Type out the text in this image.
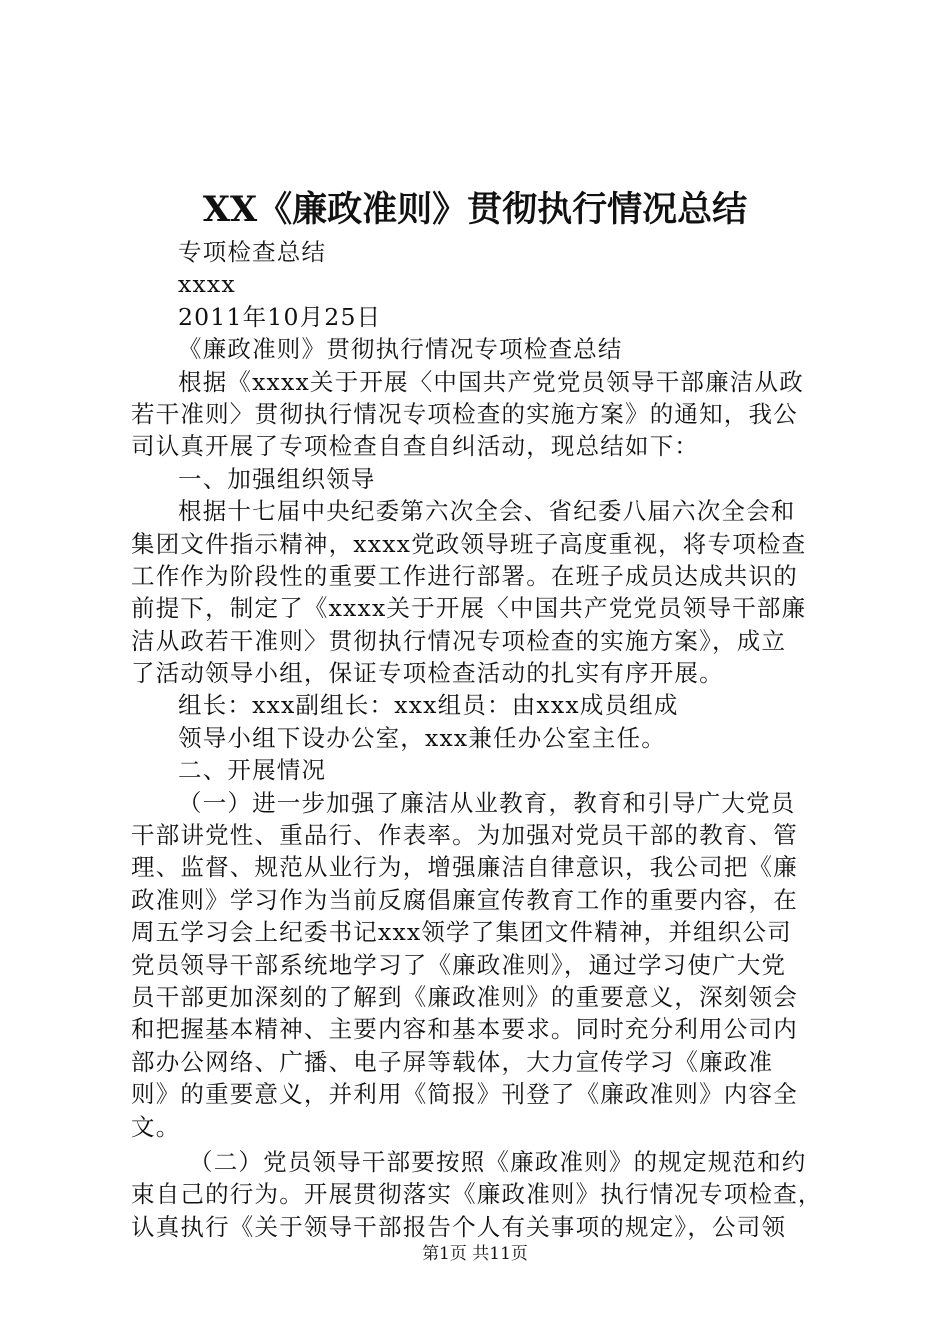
XX《廉政准则》贯彻执行情况总结
专项检查总结
xxxx
2011年10月25日
《廉政准则》贯彻执行情况专项检查总结
根据《xxxx关于开展〈中国共产党党员领导干部廉洁从政
若干准则〉贯彻执行情况专项检查的实施方案》的通知，我公
司认真开展了专项检查自查自纠活动，现总结如下：
一、加强组织领导
根据十七届中央纪委第六次全会、省纪委八届六次全会和
集团文件指示精神，xxxx党政领导班子高度重视，将专项检查
工作作为阶段性的重要工作进行部署。在班子成员达成共识的
前提下，制定了《xxxx关于开展〈中国共产党党员领导干部廉
洁从政若干准则〉贯彻执行情况专项检查的实施方案》，成立
了活动领导小组，保证专项检查活动的扎实有序开展。
组长：xxx副组长：xxx组员：由xxx成员组成
领导小组下设办公室，xxx兼任办公室主任。
二、开展情况
（一）进一步加强了廉洁从业教育，教育和引导广大党员
干部讲党性、重品行、作表率。为加强对党员干部的教育、管
理、监督、规范从业行为，增强廉洁自律意识，我公司把《廉
政准则》学习作为当前反腐倡廉宣传教育工作的重要内容，在
周五学习会上纪委书记xxx领学了集团文件精神，并组织公司
党员领导干部系统地学习了《廉政准则》，通过学习使广大党
员干部更加深刻的了解到《廉政准则》的重要意义，深刻领会
和把握基本精神、主要内容和基本要求。同时充分利用公司内
部办公网络、广播、电子屏等载体，大力宣传学习《廉政准
则》的重要意义，并利用《简报》刊登了《廉政准则》内容全
文。
（二）党员领导干部要按照《廉政准则》的规定规范和约
束自己的行为。开展贯彻落实《廉政准则》执行情况专项检查，
认真执行《关于领导干部报告个人有关事项的规定》，公司领
第1页 共11页
